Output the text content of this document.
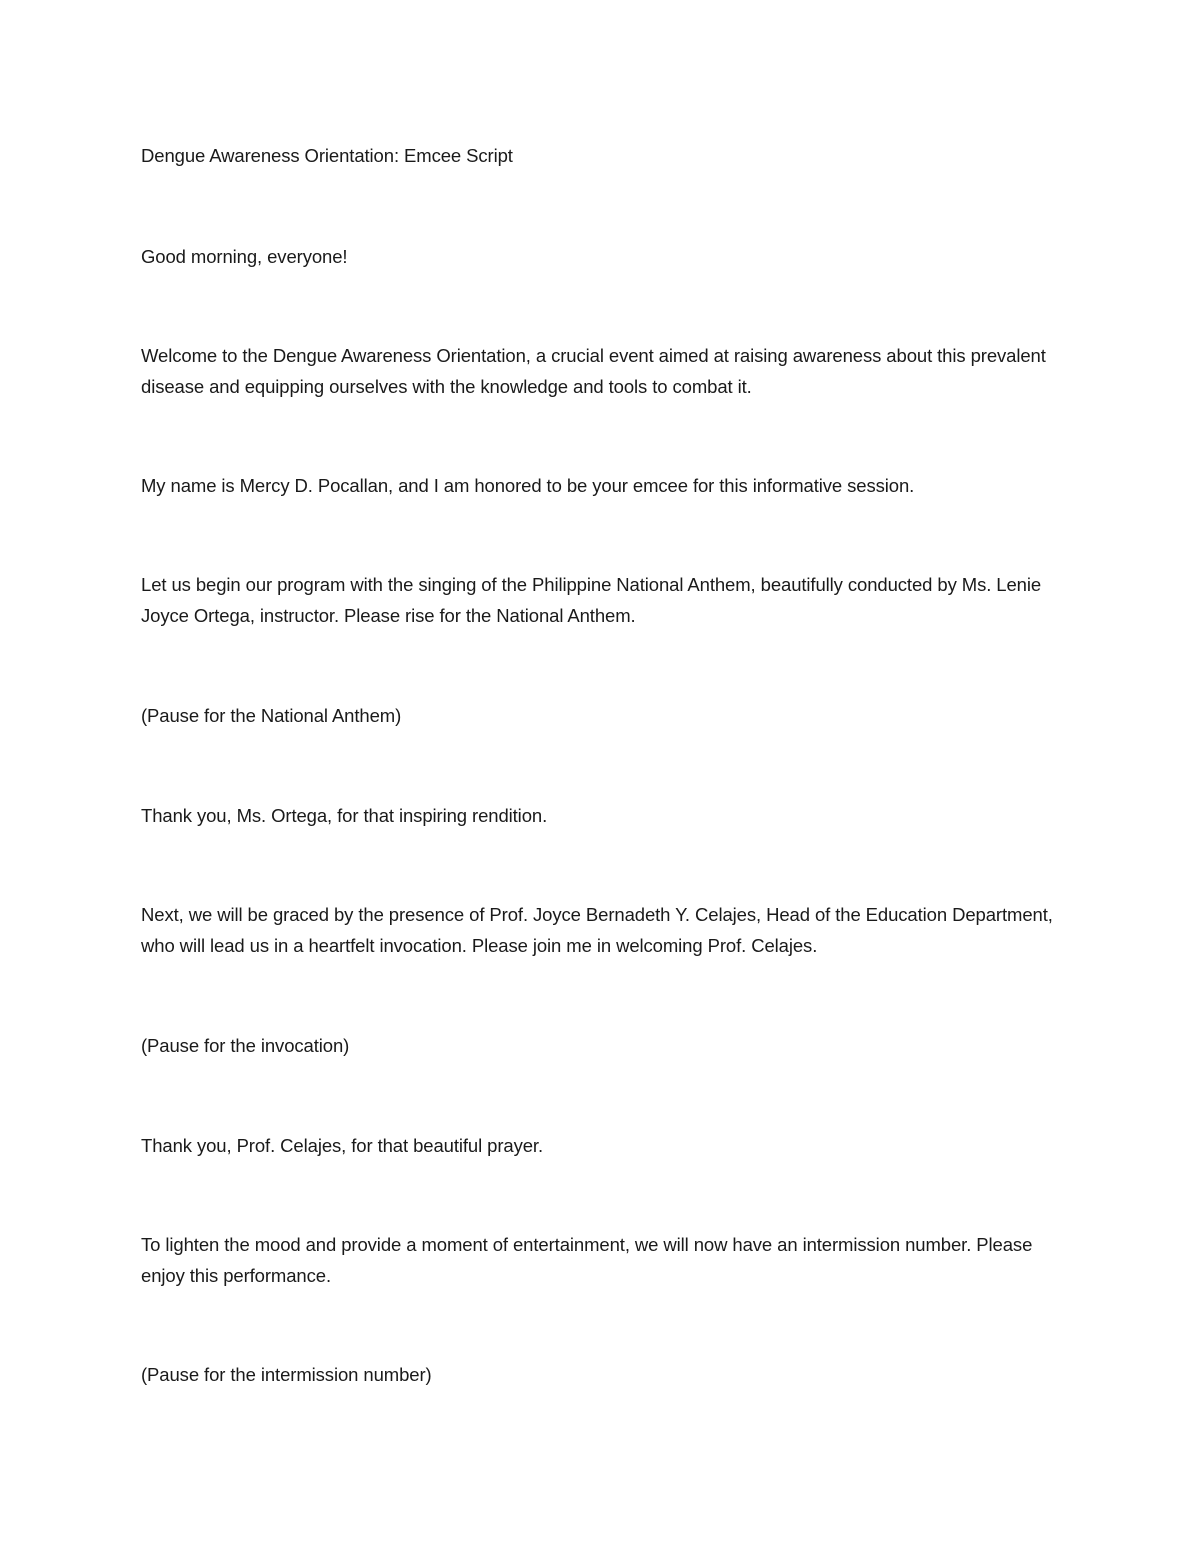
Dengue Awareness Orientation: Emcee Script

Good morning, everyone!

Welcome to the Dengue Awareness Orientation, a crucial event aimed at raising awareness about this prevalent disease and equipping ourselves with the knowledge and tools to combat it.

My name is Mercy D. Pocallan, and I am honored to be your emcee for this informative session.

Let us begin our program with the singing of the Philippine National Anthem, beautifully conducted by Ms. Lenie Joyce Ortega, instructor. Please rise for the National Anthem.

(Pause for the National Anthem)

Thank you, Ms. Ortega, for that inspiring rendition.

Next, we will be graced by the presence of Prof. Joyce Bernadeth Y. Celajes, Head of the Education Department, who will lead us in a heartfelt invocation. Please join me in welcoming Prof. Celajes.

(Pause for the invocation)

Thank you, Prof. Celajes, for that beautiful prayer.

To lighten the mood and provide a moment of entertainment, we will now have an intermission number. Please enjoy this performance.

(Pause for the intermission number)
